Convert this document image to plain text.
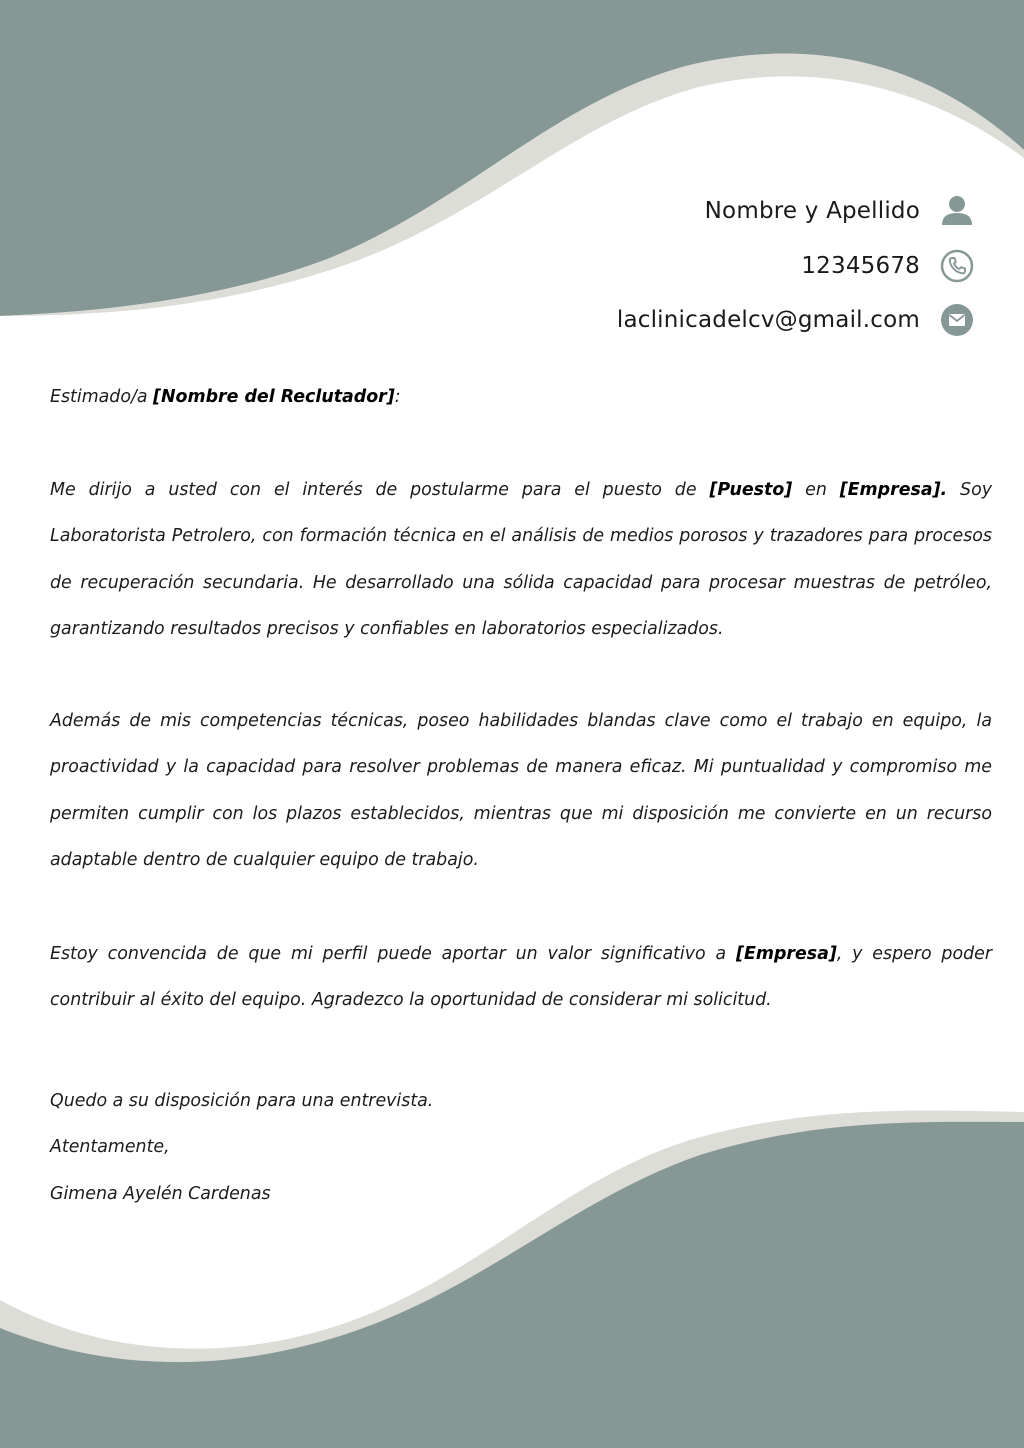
Nombre y Apellido
12345678
laclinicadelcv@gmail.com
Estimado/a [Nombre del Reclutador]:

Me dirijo a usted con el interés de postularme para el puesto de [Puesto] en [Empresa]. Soy Laboratorista Petrolero, con formación técnica en el análisis de medios porosos y trazadores para procesos de recuperación secundaria. He desarrollado una sólida capacidad para procesar muestras de petróleo, garantizando resultados precisos y confiables en laboratorios especializados.

Además de mis competencias técnicas, poseo habilidades blandas clave como el trabajo en equipo, la proactividad y la capacidad para resolver problemas de manera eficaz. Mi puntualidad y compromiso me permiten cumplir con los plazos establecidos, mientras que mi disposición me convierte en un recurso adaptable dentro de cualquier equipo de trabajo.

Estoy convencida de que mi perfil puede aportar un valor significativo a [Empresa], y espero poder contribuir al éxito del equipo. Agradezco la oportunidad de considerar mi solicitud.

Quedo a su disposición para una entrevista.
Atentamente,
Gimena Ayelén Cardenas
